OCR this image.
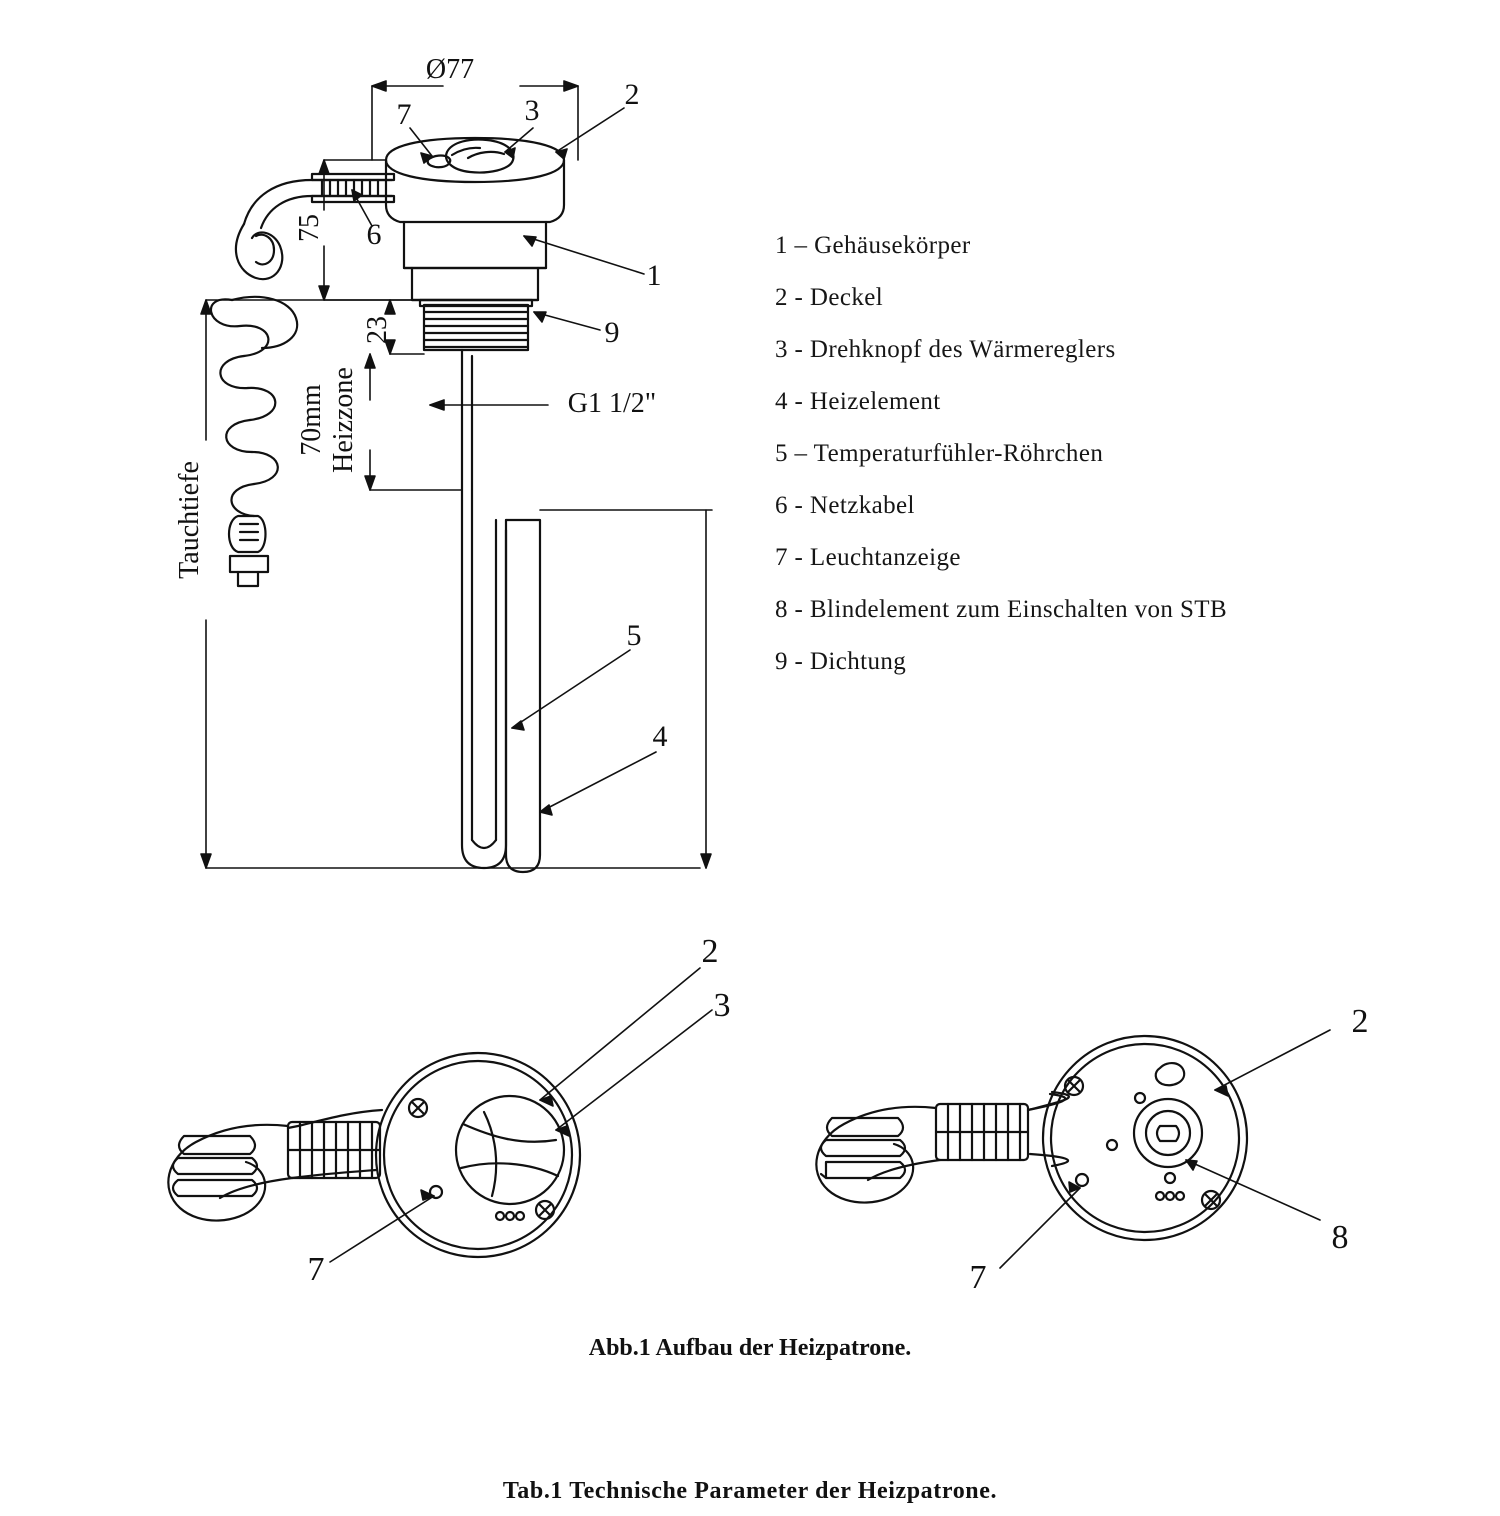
Ø77
G1 1/2"
75
23
70mm Heizzone
Tauchtiefe
7	3	2
6
1
9
5
4
2
3
7
2
8
7
1 – Gehäusekörper
2 - Deckel
3 - Drehknopf des Wärmereglers
4 - Heizelement
5 – Temperaturfühler-Röhrchen
6 - Netzkabel
7 - Leuchtanzeige
8 - Blindelement zum Einschalten von STB
9 - Dichtung
Abb.1 Aufbau der Heizpatrone.
Tab.1 Technische Parameter der Heizpatrone.
